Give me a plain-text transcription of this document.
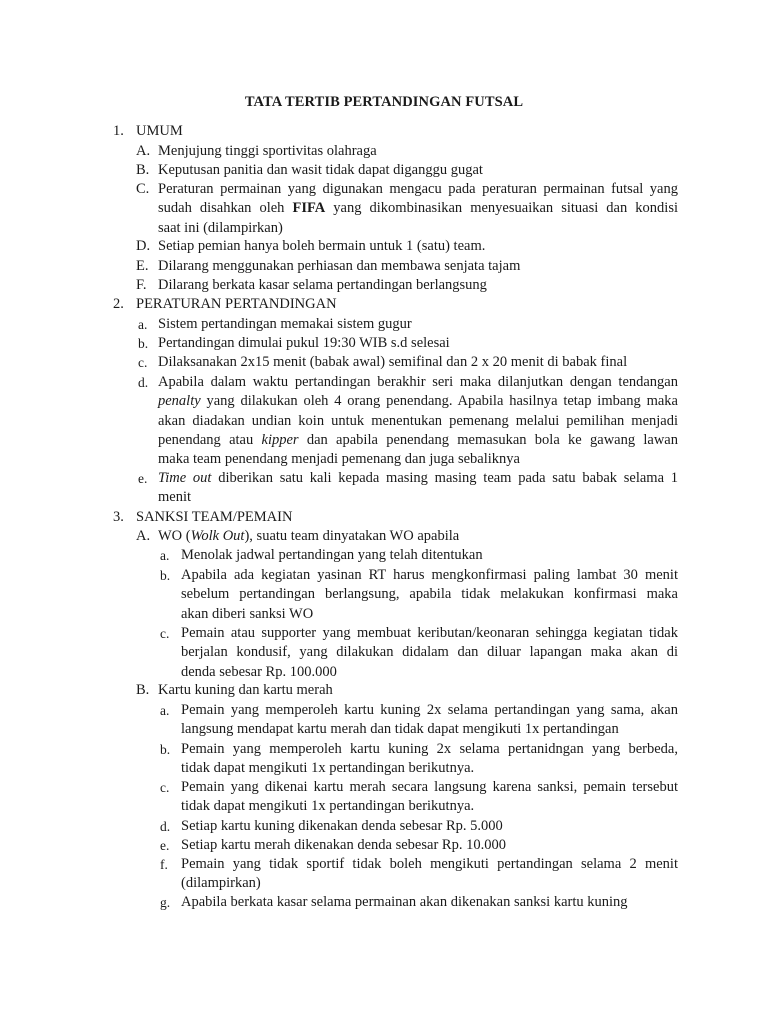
TATA TERTIB PERTANDINGAN FUTSAL
1. UMUM
A. Menjujung tinggi sportivitas olahraga
B. Keputusan panitia dan wasit tidak dapat diganggu gugat
C. Peraturan permainan yang digunakan mengacu pada peraturan permainan futsal yang
sudah disahkan oleh FIFA yang dikombinasikan menyesuaikan situasi dan kondisi
saat ini (dilampirkan)
D. Setiap pemian hanya boleh bermain untuk 1 (satu) team.
E. Dilarang menggunakan perhiasan dan membawa senjata tajam
F. Dilarang berkata kasar selama pertandingan berlangsung
2. PERATURAN PERTANDINGAN
a. Sistem pertandingan memakai sistem gugur
b. Pertandingan dimulai pukul 19:30 WIB s.d selesai
c. Dilaksanakan 2x15 menit (babak awal) semifinal dan 2 x 20 menit di babak final
d. Apabila dalam waktu pertandingan berakhir seri maka dilanjutkan dengan tendangan
penalty yang dilakukan oleh 4 orang penendang. Apabila hasilnya tetap imbang maka
akan diadakan undian koin untuk menentukan pemenang melalui pemilihan menjadi
penendang atau kipper dan apabila penendang memasukan bola ke gawang lawan
maka team penendang menjadi pemenang dan juga sebaliknya
e. Time out diberikan satu kali kepada masing masing team pada satu babak selama 1
menit
3. SANKSI TEAM/PEMAIN
A. WO (Wolk Out), suatu team dinyatakan WO apabila
a. Menolak jadwal pertandingan yang telah ditentukan
b. Apabila ada kegiatan yasinan RT harus mengkonfirmasi paling lambat 30 menit
sebelum pertandingan berlangsung, apabila tidak melakukan konfirmasi maka
akan diberi sanksi WO
c. Pemain atau supporter yang membuat keributan/keonaran sehingga kegiatan tidak
berjalan kondusif, yang dilakukan didalam dan diluar lapangan maka akan di
denda sebesar Rp. 100.000
B. Kartu kuning dan kartu merah
a. Pemain yang memperoleh kartu kuning 2x selama pertandingan yang sama, akan
langsung mendapat kartu merah dan tidak dapat mengikuti 1x pertandingan
b. Pemain yang memperoleh kartu kuning 2x selama pertanidngan yang berbeda,
tidak dapat mengikuti 1x pertandingan berikutnya.
c. Pemain yang dikenai kartu merah secara langsung karena sanksi, pemain tersebut
tidak dapat mengikuti 1x pertandingan berikutnya.
d. Setiap kartu kuning dikenakan denda sebesar Rp. 5.000
e. Setiap kartu merah dikenakan denda sebesar Rp. 10.000
f. Pemain yang tidak sportif tidak boleh mengikuti pertandingan selama 2 menit
(dilampirkan)
g. Apabila berkata kasar selama permainan akan dikenakan sanksi kartu kuning
